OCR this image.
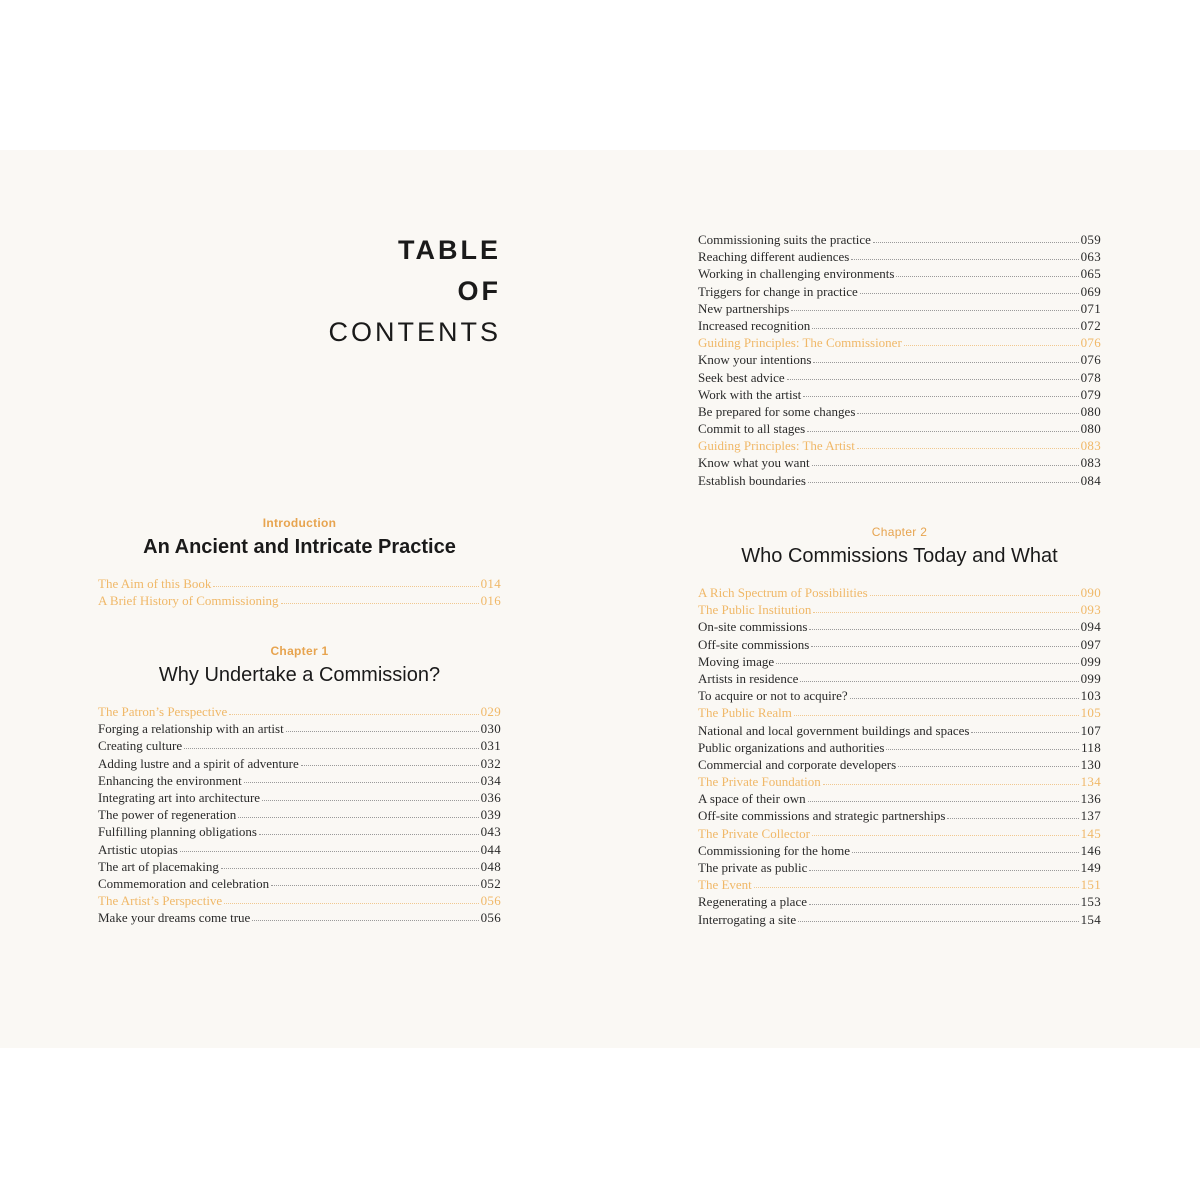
TABLE
OF
CONTENTS
Introduction
An Ancient and Intricate Practice
The Aim of this Book	014
A Brief History of Commissioning	016
Chapter 1
Why Undertake a Commission?
The Patron’s Perspective	029
Forging a relationship with an artist	030
Creating culture	031
Adding lustre and a spirit of adventure	032
Enhancing the environment	034
Integrating art into architecture	036
The power of regeneration	039
Fulfilling planning obligations	043
Artistic utopias	044
The art of placemaking	048
Commemoration and celebration	052
The Artist’s Perspective	056
Make your dreams come true	056
Commissioning suits the practice	059
Reaching different audiences	063
Working in challenging environments	065
Triggers for change in practice	069
New partnerships	071
Increased recognition	072
Guiding Principles: The Commissioner	076
Know your intentions	076
Seek best advice	078
Work with the artist	079
Be prepared for some changes	080
Commit to all stages	080
Guiding Principles: The Artist	083
Know what you want	083
Establish boundaries	084
Chapter 2
Who Commissions Today and What
A Rich Spectrum of Possibilities	090
The Public Institution	093
On-site commissions	094
Off-site commissions	097
Moving image	099
Artists in residence	099
To acquire or not to acquire?	103
The Public Realm	105
National and local government buildings and spaces	107
Public organizations and authorities	118
Commercial and corporate developers	130
The Private Foundation	134
A space of their own	136
Off-site commissions and strategic partnerships	137
The Private Collector	145
Commissioning for the home	146
The private as public	149
The Event	151
Regenerating a place	153
Interrogating a site	154
